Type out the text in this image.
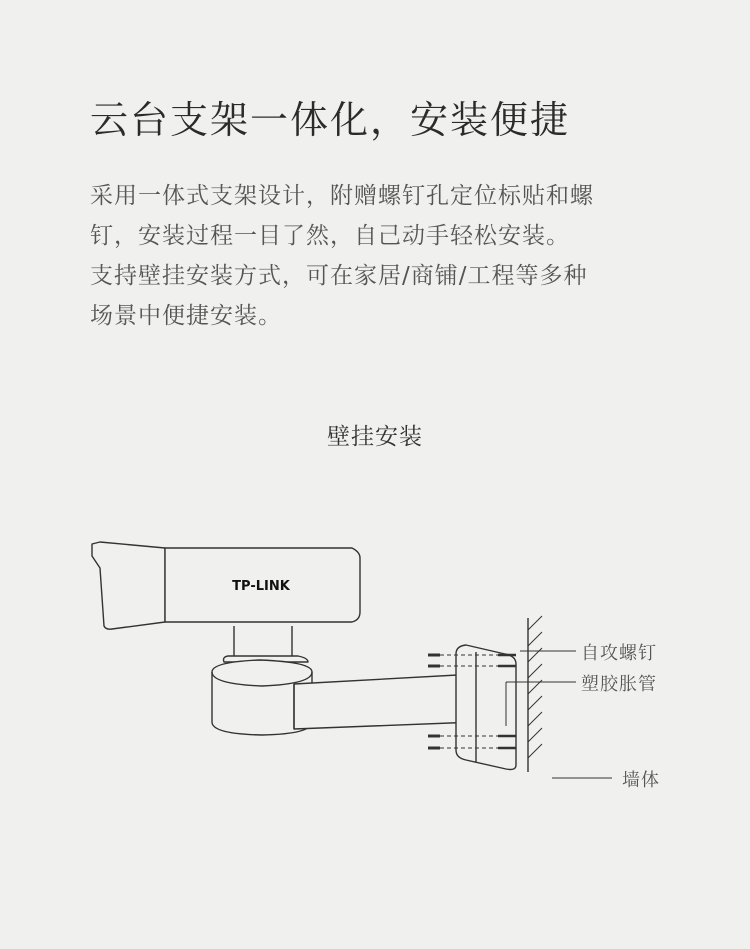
云台支架一体化，安装便捷

采用一体式支架设计，附赠螺钉孔定位标贴和螺

钉，安装过程一目了然，自己动手轻松安装。

支持壁挂安装方式，可在家居/商铺/工程等多种

场景中便捷安装。

壁挂安装
TP-LINK
自攻螺钉
塑胶胀管
墙体
